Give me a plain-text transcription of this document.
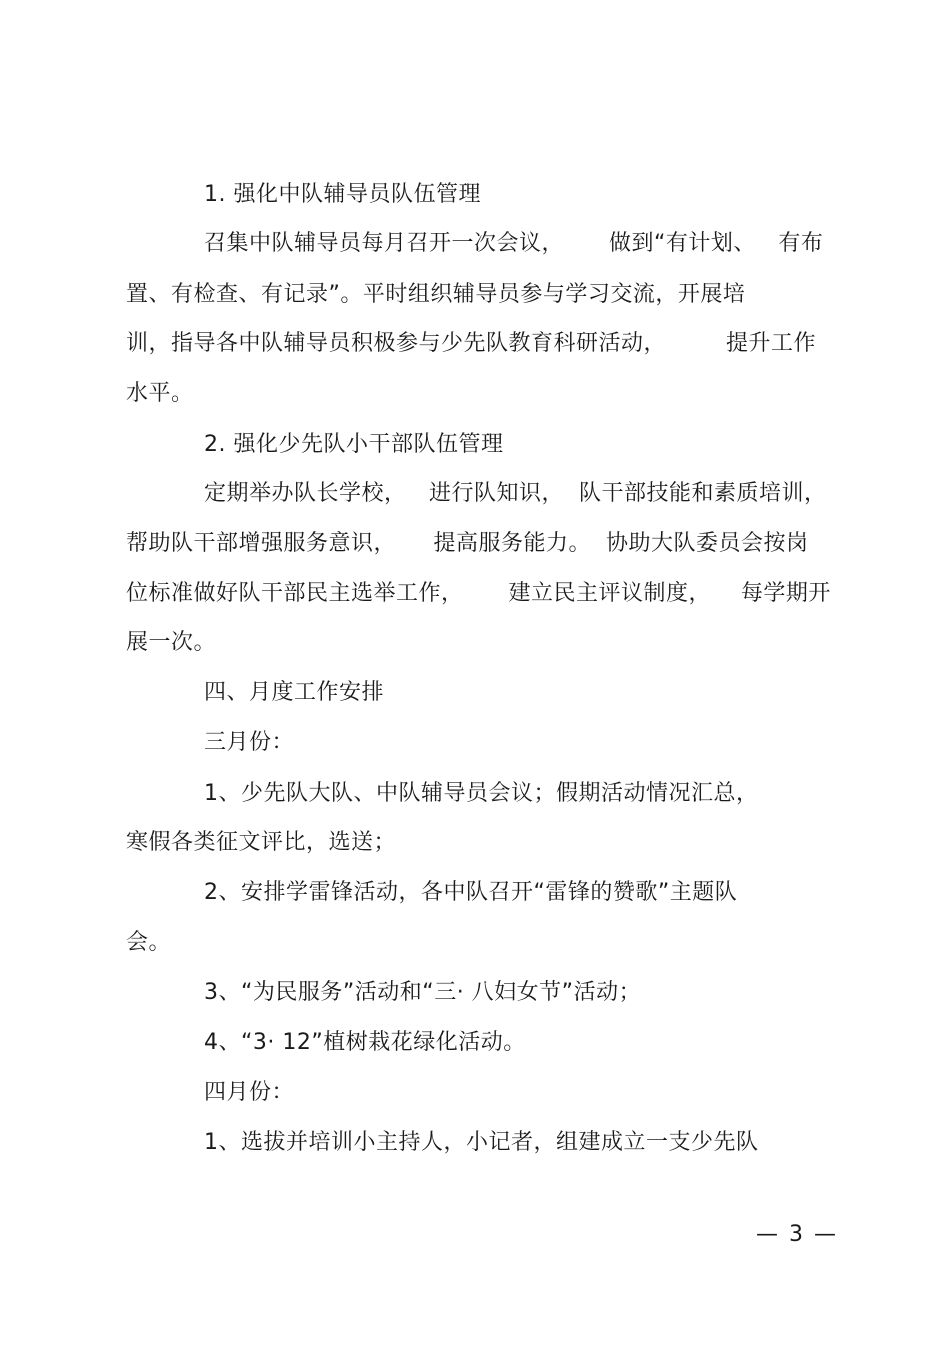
1. 强化中队辅导员队伍管理
召集中队辅导员每月召开一次会议，      做到“有计划、   有布
置、有检查、有记录”。平时组织辅导员参与学习交流，开展培
训，指导各中队辅导员积极参与少先队教育科研活动，        提升工作
水平。
2. 强化少先队小干部队伍管理
定期举办队长学校，   进行队知识，  队干部技能和素质培训，
帮助队干部增强服务意识，     提高服务能力。  协助大队委员会按岗
位标准做好队干部民主选举工作，      建立民主评议制度，    每学期开
展一次。
四、月度工作安排
三月份：
1、少先队大队、中队辅导员会议；假期活动情况汇总，
寒假各类征文评比，选送；
2、安排学雷锋活动，各中队召开“雷锋的赞歌”主题队
会。
3、“为民服务”活动和“三· 八妇女节”活动；
4、“3· 12”植树栽花绿化活动。
四月份：
1、选拔并培训小主持人，小记者，组建成立一支少先队
— 3 —
